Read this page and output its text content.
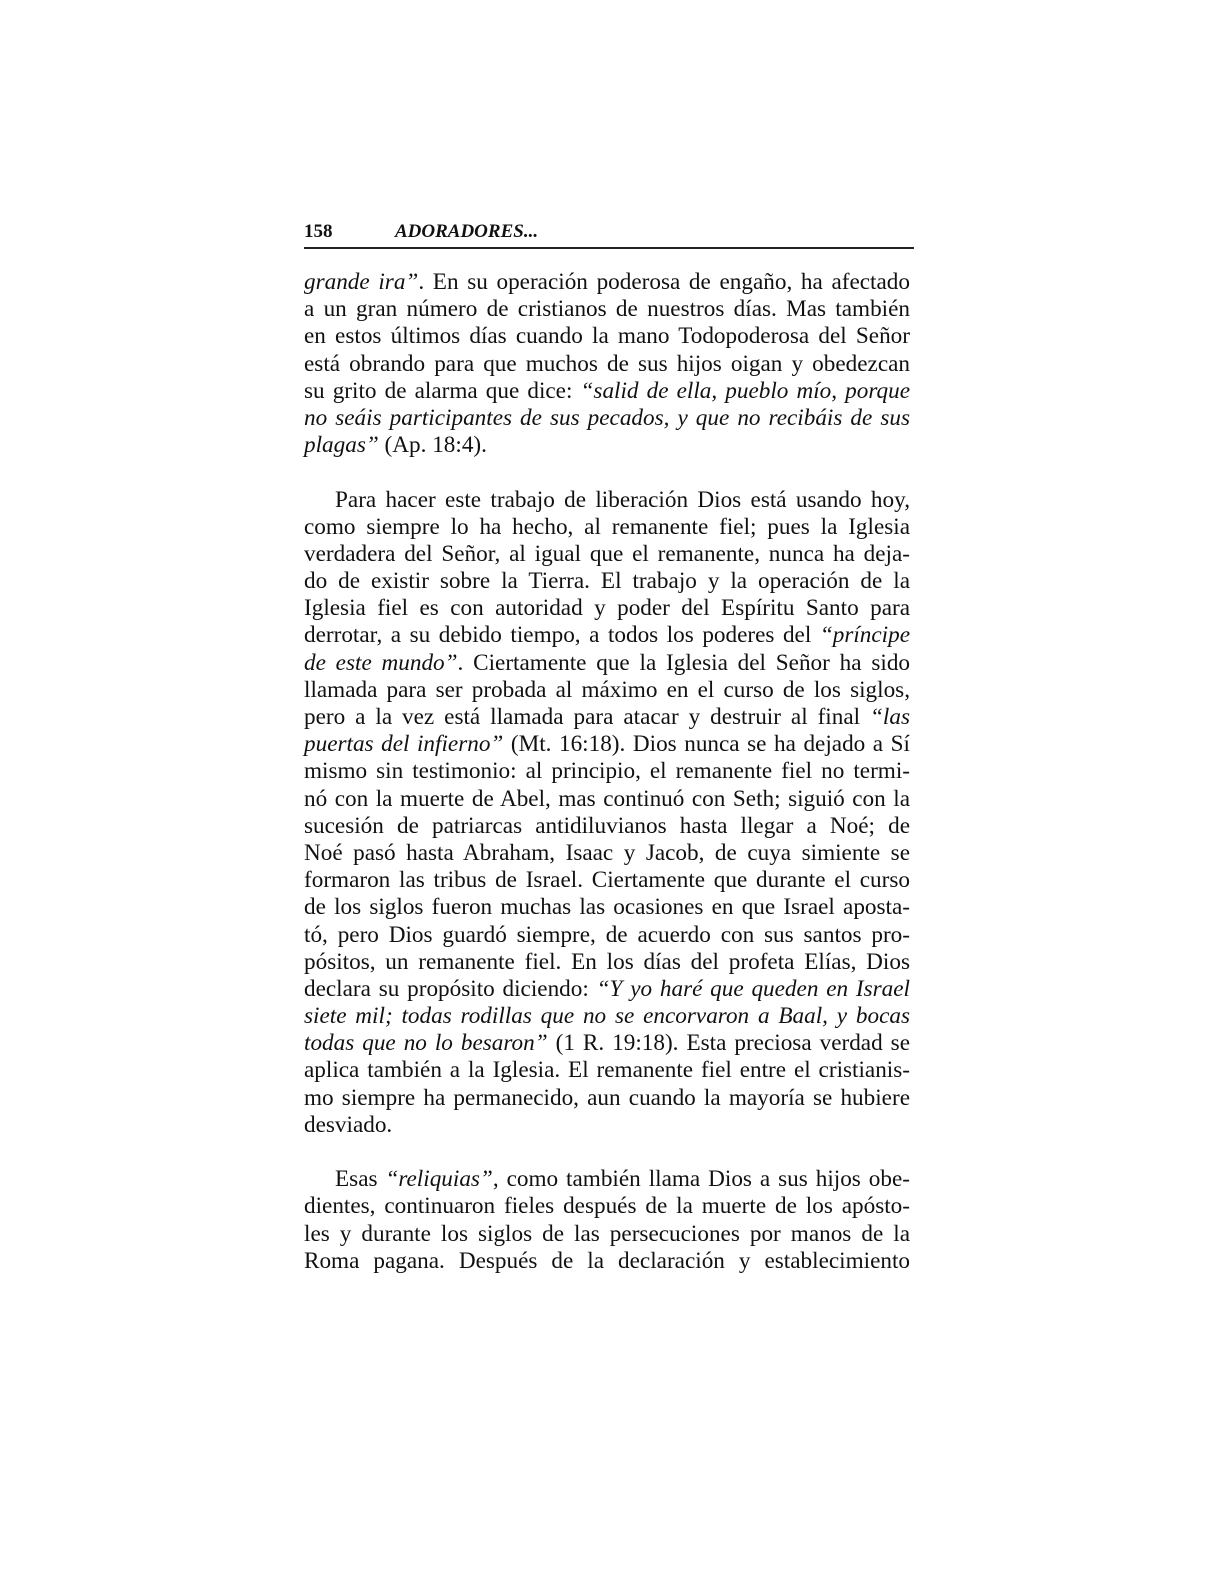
158	ADORADORES...
grande ira”. En su operación poderosa de engaño, ha afectado
a un gran número de cristianos de nuestros días. Mas también
en estos últimos días cuando la mano Todopoderosa del Señor
está obrando para que muchos de sus hijos oigan y obedezcan
su grito de alarma que dice: “salid de ella, pueblo mío, porque
no seáis participantes de sus pecados, y que no recibáis de sus
plagas” (Ap. 18:4).
Para hacer este trabajo de liberación Dios está usando hoy,
como siempre lo ha hecho, al remanente fiel; pues la Iglesia
verdadera del Señor, al igual que el remanente, nunca ha deja-
do de existir sobre la Tierra. El trabajo y la operación de la
Iglesia fiel es con autoridad y poder del Espíritu Santo para
derrotar, a su debido tiempo, a todos los poderes del “príncipe
de este mundo”. Ciertamente que la Iglesia del Señor ha sido
llamada para ser probada al máximo en el curso de los siglos,
pero a la vez está llamada para atacar y destruir al final “las
puertas del infierno” (Mt. 16:18). Dios nunca se ha dejado a Sí
mismo sin testimonio: al principio, el remanente fiel no termi-
nó con la muerte de Abel, mas continuó con Seth; siguió con la
sucesión de patriarcas antidiluvianos hasta llegar a Noé; de
Noé pasó hasta Abraham, Isaac y Jacob, de cuya simiente se
formaron las tribus de Israel. Ciertamente que durante el curso
de los siglos fueron muchas las ocasiones en que Israel aposta-
tó, pero Dios guardó siempre, de acuerdo con sus santos pro-
pósitos, un remanente fiel. En los días del profeta Elías, Dios
declara su propósito diciendo: “Y yo haré que queden en Israel
siete mil; todas rodillas que no se encorvaron a Baal, y bocas
todas que no lo besaron” (1 R. 19:18). Esta preciosa verdad se
aplica también a la Iglesia. El remanente fiel entre el cristianis-
mo siempre ha permanecido, aun cuando la mayoría se hubiere
desviado.
Esas “reliquias”, como también llama Dios a sus hijos obe-
dientes, continuaron fieles después de la muerte de los apósto-
les y durante los siglos de las persecuciones por manos de la
Roma pagana. Después de la declaración y establecimiento
